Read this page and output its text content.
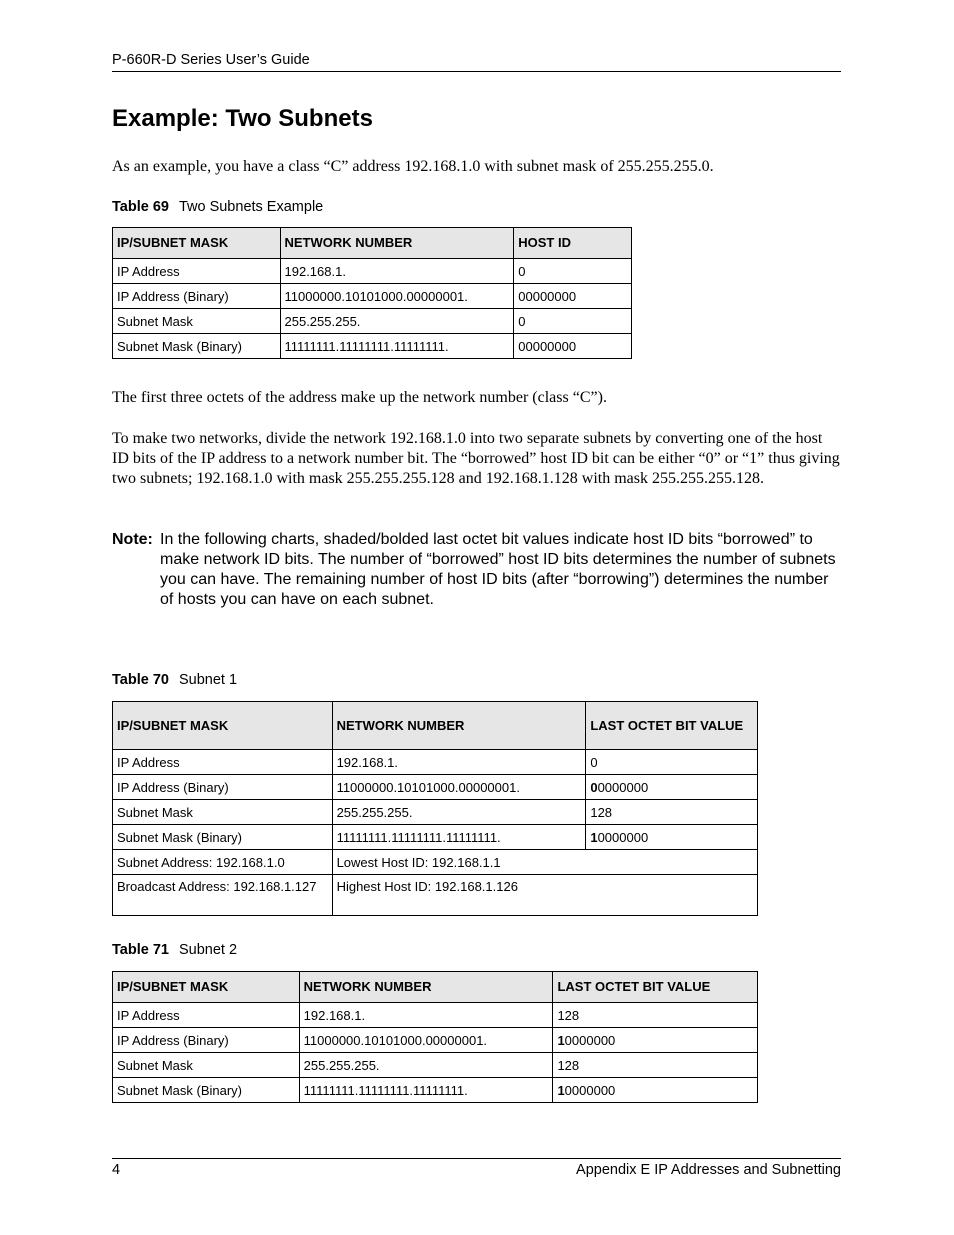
P-660R-D Series User’s Guide
Example: Two Subnets
As an example, you have a class “C” address 192.168.1.0 with subnet mask of 255.255.255.0.
Table 69 Two Subnets Example
IP/SUBNET MASK	NETWORK NUMBER	HOST ID
IP Address	192.168.1.	0
IP Address (Binary)	11000000.10101000.00000001.	00000000
Subnet Mask	255.255.255.	0
Subnet Mask (Binary)	11111111.11111111.11111111.	00000000
The first three octets of the address make up the network number (class “C”).
To make two networks, divide the network 192.168.1.0 into two separate subnets by converting one of the host ID bits of the IP address to a network number bit. The “borrowed” host ID bit can be either “0” or “1” thus giving two subnets; 192.168.1.0 with mask 255.255.255.128 and 192.168.1.128 with mask 255.255.255.128.
Note: In the following charts, shaded/bolded last octet bit values indicate host ID bits “borrowed” to make network ID bits. The number of “borrowed” host ID bits determines the number of subnets you can have. The remaining number of host ID bits (after “borrowing”) determines the number of hosts you can have on each subnet.
Table 70 Subnet 1
IP/SUBNET MASK	NETWORK NUMBER	LAST OCTET BIT VALUE
IP Address	192.168.1.	0
IP Address (Binary)	11000000.10101000.00000001.	00000000
Subnet Mask	255.255.255.	128
Subnet Mask (Binary)	11111111.11111111.11111111.	10000000
Subnet Address: 192.168.1.0	Lowest Host ID: 192.168.1.1	
Broadcast Address: 192.168.1.127	Highest Host ID: 192.168.1.126	
Table 71 Subnet 2
IP/SUBNET MASK	NETWORK NUMBER	LAST OCTET BIT VALUE
IP Address	192.168.1.	128
IP Address (Binary)	11000000.10101000.00000001.	10000000
Subnet Mask	255.255.255.	128
Subnet Mask (Binary)	11111111.11111111.11111111.	10000000
4	Appendix E IP Addresses and Subnetting
